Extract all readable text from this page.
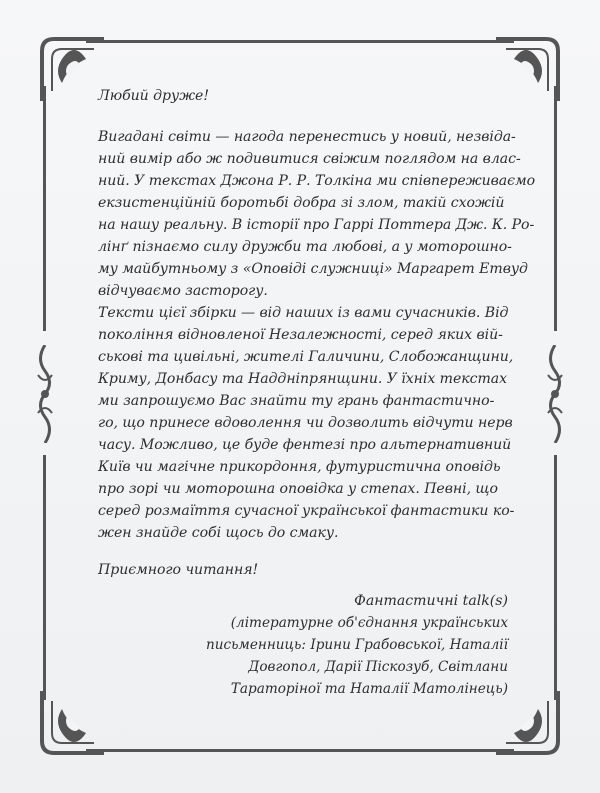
Любий друже!
Вигадані світи — нагода перенестись у новий, незвіда-
ний вимір або ж подивитися свіжим поглядом на влас-
ний. У текстах Джона Р. Р. Толкіна ми співпереживаємо
екзистенційній боротьбі добра зі злом, такій схожій
на нашу реальну. В історії про Гаррі Поттера Дж. К. Ро-
лінґ пізнаємо силу дружби та любові, а у моторошно-
му майбутньому з «Оповіді служниці» Маргарет Етвуд
відчуваємо засторогу.
Тексти цієї збірки — від наших із вами сучасників. Від
покоління відновленої Незалежності, серед яких вій-
ськові та цивільні, жителі Галичини, Слобожанщини,
Криму, Донбасу та Наддніпрянщини. У їхніх текстах
ми запрошуємо Вас знайти ту грань фантастично-
го, що принесе вдоволення чи дозволить відчути нерв
часу. Можливо, це буде фентезі про альтернативний
Київ чи магічне прикордоння, футуристична оповідь
про зорі чи моторошна оповідка у степах. Певні, що
серед розмаїття сучасної української фантастики ко-
жен знайде собі щось до смаку.
Приємного читання!
Фантастичні talk(s)
(літературне об'єднання українських
письменниць: Ірини Грабовської, Наталії
Довгопол, Дарії Піскозуб, Світлани
Тараторіної та Наталії Матолінець)
